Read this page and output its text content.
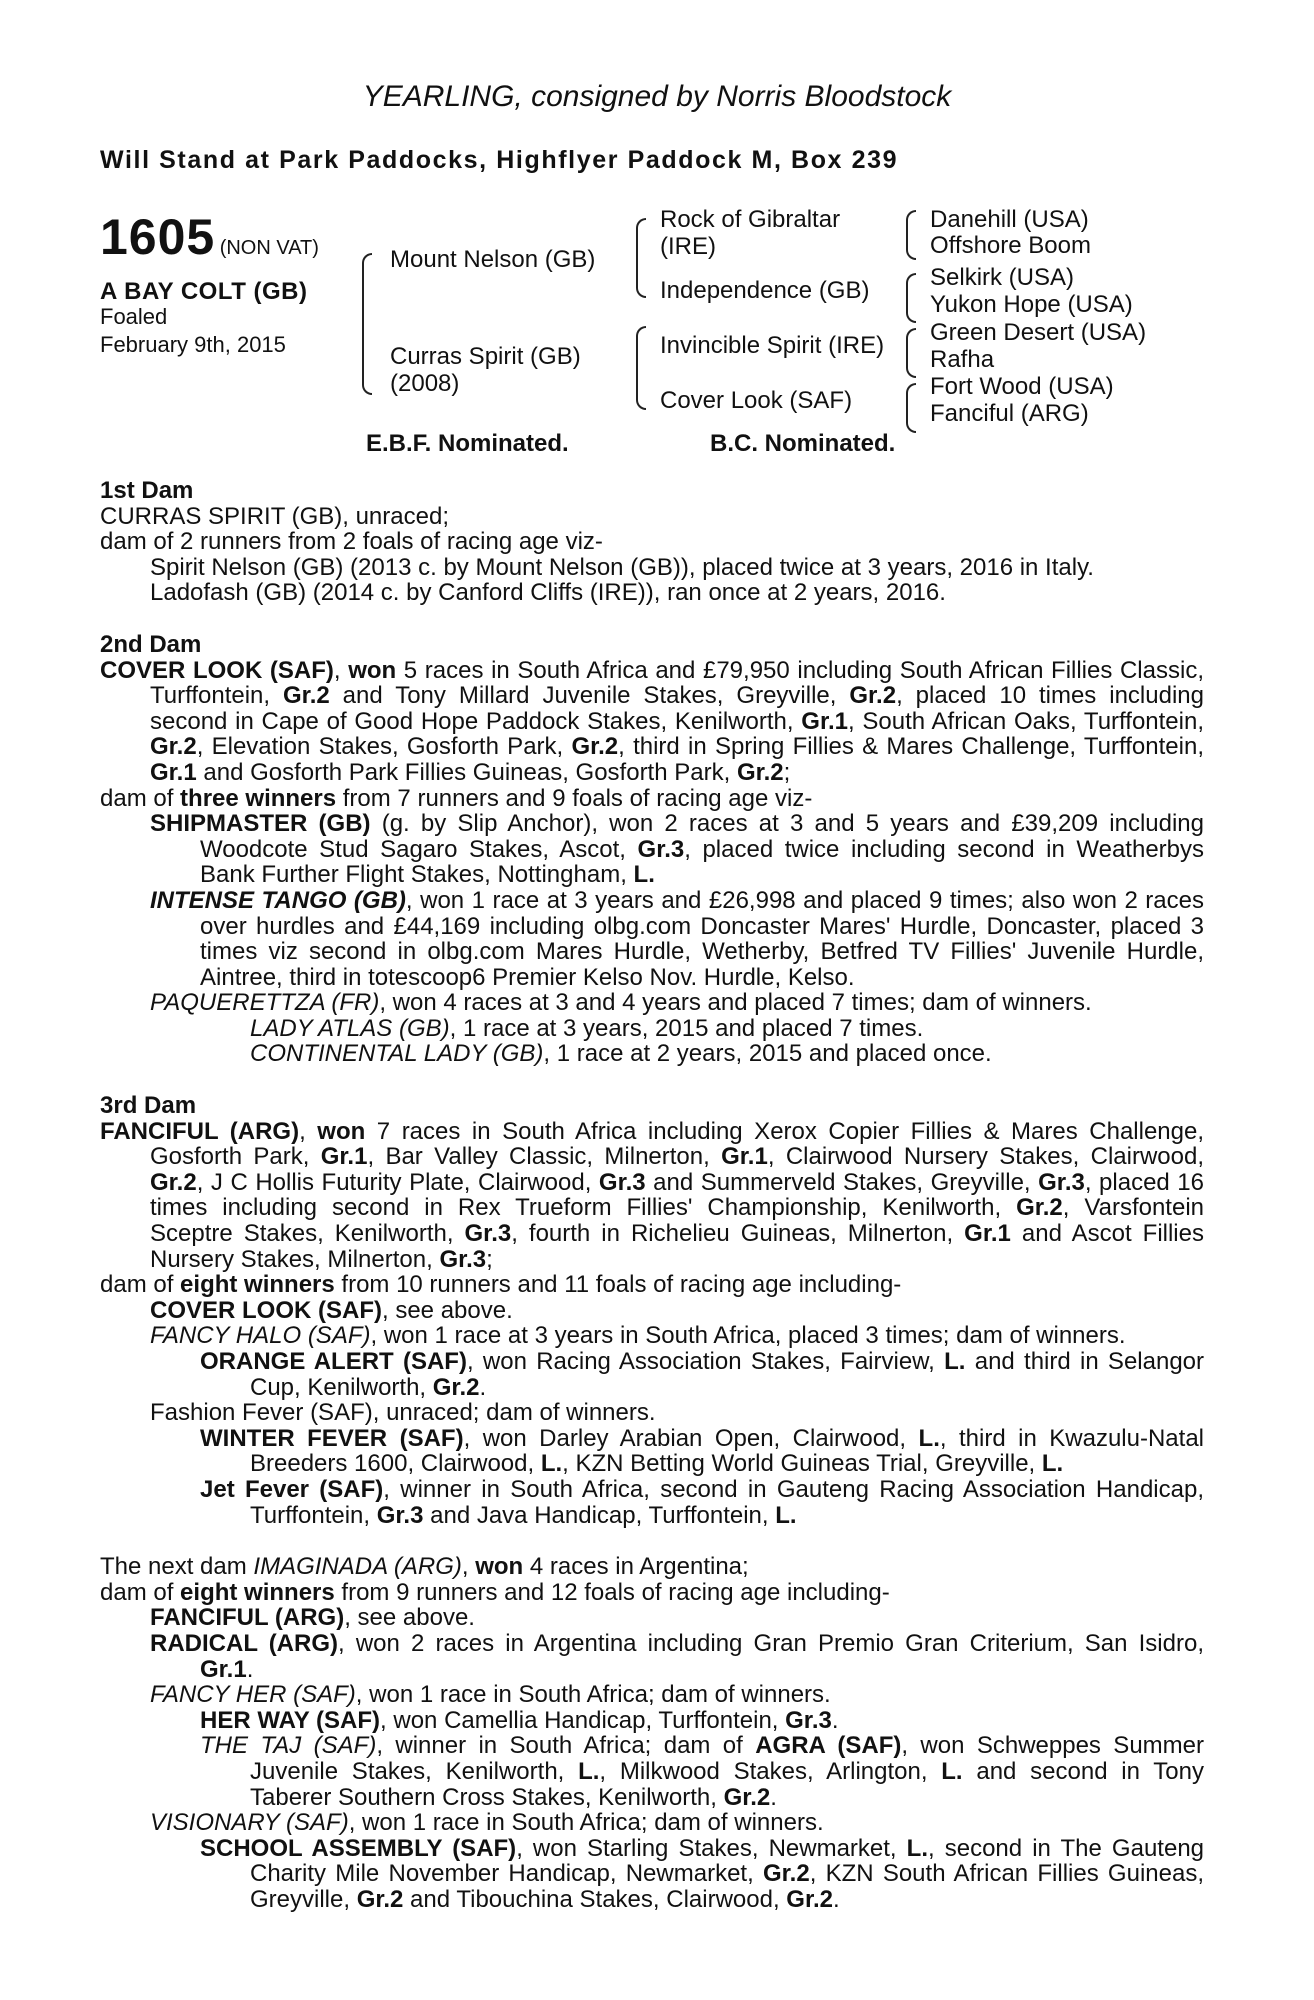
YEARLING, consigned by Norris Bloodstock
Will Stand at Park Paddocks, Highflyer Paddock M, Box 239
1605 (NON VAT)
A BAY COLT (GB)
Foaled
February 9th, 2015
Mount Nelson (GB)
Curras Spirit (GB)
(2008)
Rock of Gibraltar
(IRE)
Independence (GB)
Invincible Spirit (IRE)
Cover Look (SAF)
Danehill (USA)
Offshore Boom
Selkirk (USA)
Yukon Hope (USA)
Green Desert (USA)
Rafha
Fort Wood (USA)
Fanciful (ARG)
E.B.F. Nominated.	B.C. Nominated.

1st Dam

CURRAS SPIRIT (GB), unraced;

dam of 2 runners from 2 foals of racing age viz-

Spirit Nelson (GB) (2013 c. by Mount Nelson (GB)), placed twice at 3 years, 2016 in Italy.

Ladofash (GB) (2014 c. by Canford Cliffs (IRE)), ran once at 2 years, 2016.

2nd Dam

COVER LOOK (SAF), won 5 races in South Africa and £79,950 including South African Fillies Classic, Turffontein, Gr.2 and Tony Millard Juvenile Stakes, Greyville, Gr.2, placed 10 times including second in Cape of Good Hope Paddock Stakes, Kenilworth, Gr.1, South African Oaks, Turffontein, Gr.2, Elevation Stakes, Gosforth Park, Gr.2, third in Spring Fillies & Mares Challenge, Turffontein, Gr.1 and Gosforth Park Fillies Guineas, Gosforth Park, Gr.2;

dam of three winners from 7 runners and 9 foals of racing age viz-

SHIPMASTER (GB) (g. by Slip Anchor), won 2 races at 3 and 5 years and £39,209 including Woodcote Stud Sagaro Stakes, Ascot, Gr.3, placed twice including second in Weatherbys Bank Further Flight Stakes, Nottingham, L.

INTENSE TANGO (GB), won 1 race at 3 years and £26,998 and placed 9 times; also won 2 races over hurdles and £44,169 including olbg.com Doncaster Mares' Hurdle, Doncaster, placed 3 times viz second in olbg.com Mares Hurdle, Wetherby, Betfred TV Fillies' Juvenile Hurdle, Aintree, third in totescoop6 Premier Kelso Nov. Hurdle, Kelso.

PAQUERETTZA (FR), won 4 races at 3 and 4 years and placed 7 times; dam of winners.

LADY ATLAS (GB), 1 race at 3 years, 2015 and placed 7 times.

CONTINENTAL LADY (GB), 1 race at 2 years, 2015 and placed once.

3rd Dam

FANCIFUL (ARG), won 7 races in South Africa including Xerox Copier Fillies & Mares Challenge, Gosforth Park, Gr.1, Bar Valley Classic, Milnerton, Gr.1, Clairwood Nursery Stakes, Clairwood, Gr.2, J C Hollis Futurity Plate, Clairwood, Gr.3 and Summerveld Stakes, Greyville, Gr.3, placed 16 times including second in Rex Trueform Fillies' Championship, Kenilworth, Gr.2, Varsfontein Sceptre Stakes, Kenilworth, Gr.3, fourth in Richelieu Guineas, Milnerton, Gr.1 and Ascot Fillies Nursery Stakes, Milnerton, Gr.3;

dam of eight winners from 10 runners and 11 foals of racing age including-

COVER LOOK (SAF), see above.

FANCY HALO (SAF), won 1 race at 3 years in South Africa, placed 3 times; dam of winners.

ORANGE ALERT (SAF), won Racing Association Stakes, Fairview, L. and third in Selangor Cup, Kenilworth, Gr.2.

Fashion Fever (SAF), unraced; dam of winners.

WINTER FEVER (SAF), won Darley Arabian Open, Clairwood, L., third in Kwazulu-Natal Breeders 1600, Clairwood, L., KZN Betting World Guineas Trial, Greyville, L.

Jet Fever (SAF), winner in South Africa, second in Gauteng Racing Association Handicap, Turffontein, Gr.3 and Java Handicap, Turffontein, L.

The next dam IMAGINADA (ARG), won 4 races in Argentina;

dam of eight winners from 9 runners and 12 foals of racing age including-

FANCIFUL (ARG), see above.

RADICAL (ARG), won 2 races in Argentina including Gran Premio Gran Criterium, San Isidro, Gr.1.

FANCY HER (SAF), won 1 race in South Africa; dam of winners.

HER WAY (SAF), won Camellia Handicap, Turffontein, Gr.3.

THE TAJ (SAF), winner in South Africa; dam of AGRA (SAF), won Schweppes Summer Juvenile Stakes, Kenilworth, L., Milkwood Stakes, Arlington, L. and second in Tony Taberer Southern Cross Stakes, Kenilworth, Gr.2.

VISIONARY (SAF), won 1 race in South Africa; dam of winners.

SCHOOL ASSEMBLY (SAF), won Starling Stakes, Newmarket, L., second in The Gauteng Charity Mile November Handicap, Newmarket, Gr.2, KZN South African Fillies Guineas, Greyville, Gr.2 and Tibouchina Stakes, Clairwood, Gr.2.
